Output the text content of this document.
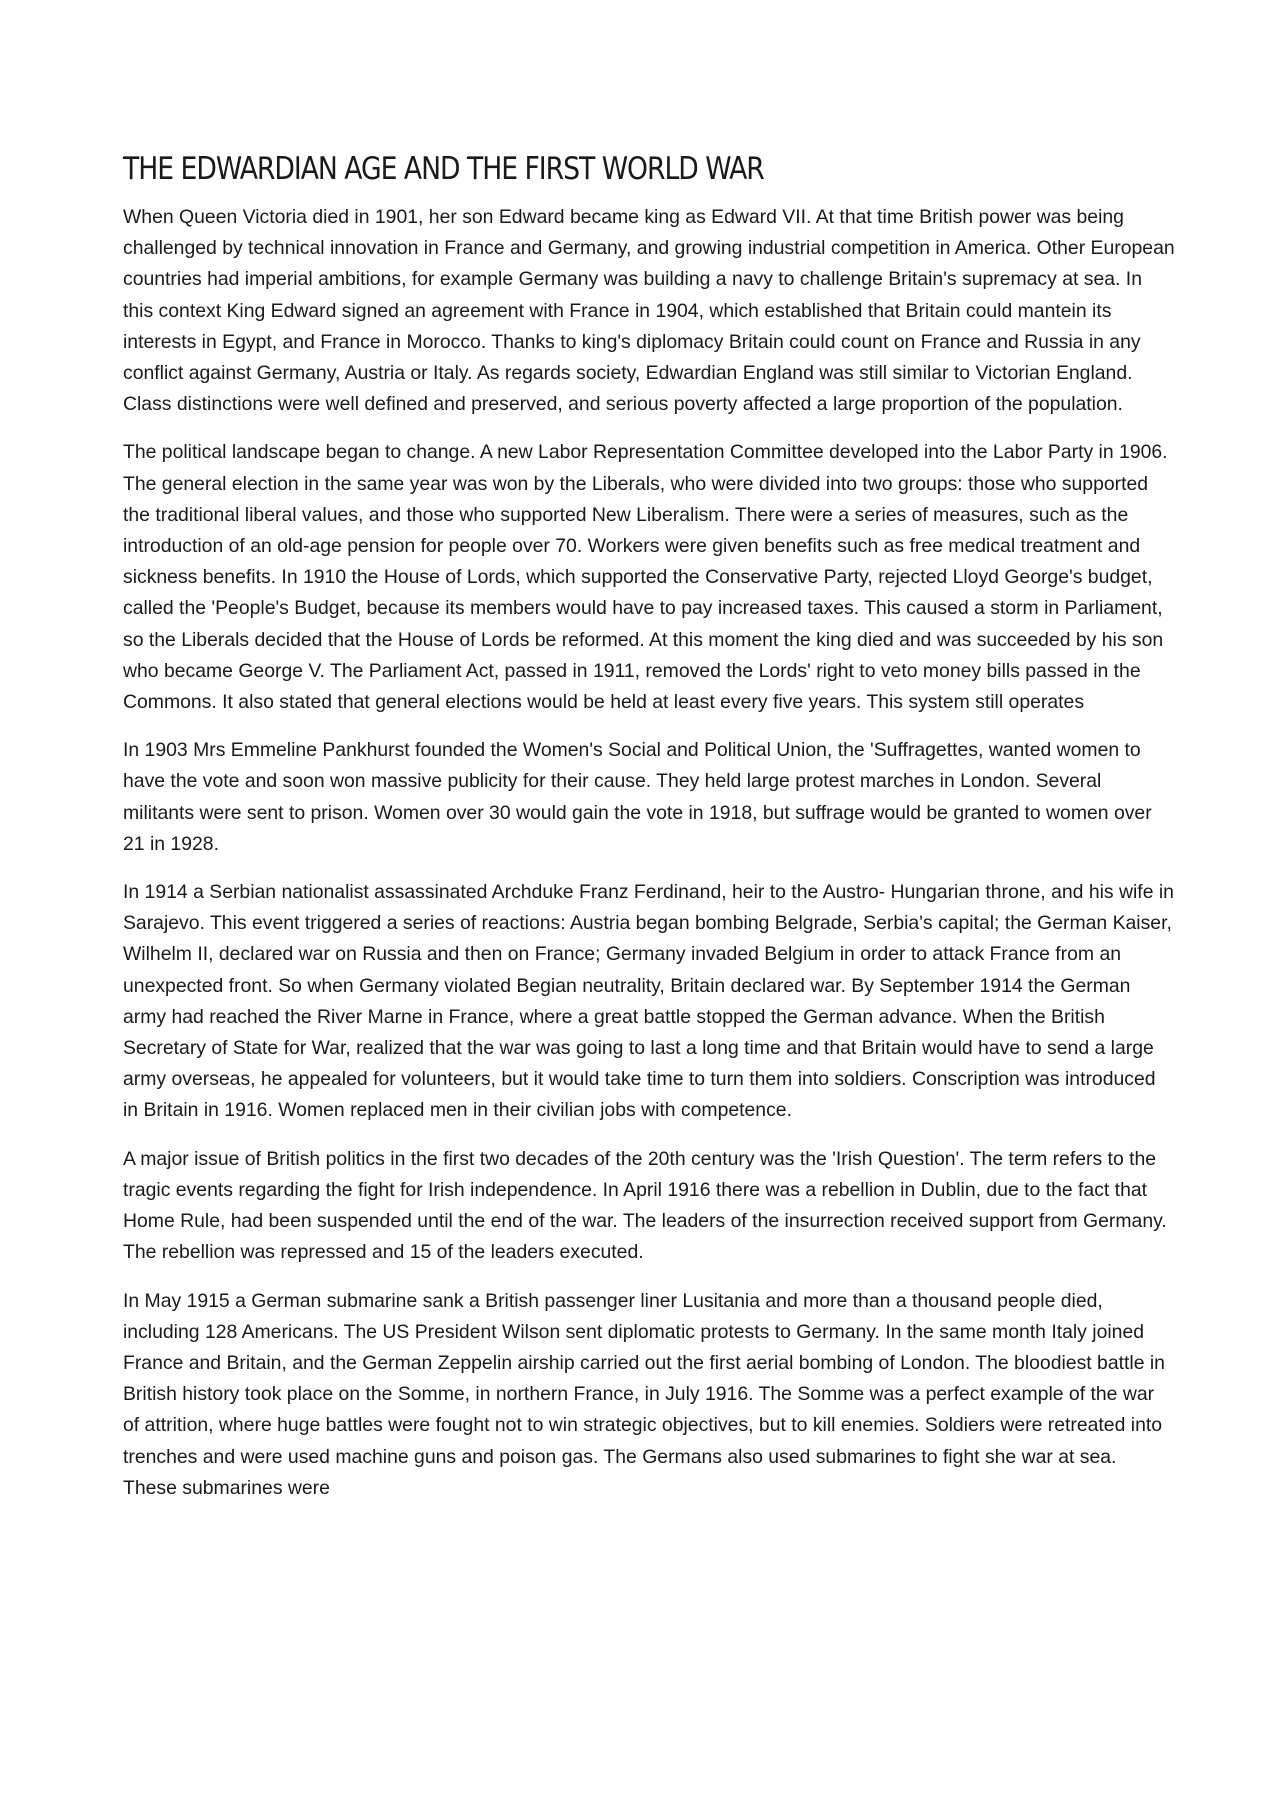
THE EDWARDIAN AGE AND THE FIRST WORLD WAR

When Queen Victoria died in 1901, her son Edward became king as Edward VII. At that time British power was being challenged by technical innovation in France and Germany, and growing industrial competition in America. Other European countries had imperial ambitions, for example Germany was building a navy to challenge Britain's supremacy at sea. In this context King Edward signed an agreement with France in 1904, which established that Britain could mantein its interests in Egypt, and France in Morocco. Thanks to king's diplomacy Britain could count on France and Russia in any conflict against Germany, Austria or Italy. As regards society, Edwardian England was still similar to Victorian England. Class distinctions were well defined and preserved, and serious poverty affected a large proportion of the population.

The political landscape began to change. A new Labor Representation Committee developed into the Labor Party in 1906. The general election in the same year was won by the Liberals, who were divided into two groups: those who supported the traditional liberal values, and those who supported New Liberalism. There were a series of measures, such as the introduction of an old-age pension for people over 70. Workers were given benefits such as free medical treatment and sickness benefits. In 1910 the House of Lords, which supported the Conservative Party, rejected Lloyd George's budget, called the 'People's Budget, because its members would have to pay increased taxes. This caused a storm in Parliament, so the Liberals decided that the House of Lords be reformed. At this moment the king died and was succeeded by his son who became George V. The Parliament Act, passed in 1911, removed the Lords' right to veto money bills passed in the Commons. It also stated that general elections would be held at least every five years. This system still operates

In 1903 Mrs Emmeline Pankhurst founded the Women's Social and Political Union, the 'Suffragettes, wanted women to have the vote and soon won massive publicity for their cause. They held large protest marches in London. Several militants were sent to prison. Women over 30 would gain the vote in 1918, but suffrage would be granted to women over 21 in 1928.

In 1914 a Serbian nationalist assassinated Archduke Franz Ferdinand, heir to the Austro- Hungarian throne, and his wife in Sarajevo. This event triggered a series of reactions: Austria began bombing Belgrade, Serbia's capital; the German Kaiser, Wilhelm II, declared war on Russia and then on France; Germany invaded Belgium in order to attack France from an unexpected front. So when Germany violated Begian neutrality, Britain declared war. By September 1914 the German army had reached the River Marne in France, where a great battle stopped the German advance. When the British Secretary of State for War, realized that the war was going to last a long time and that Britain would have to send a large army overseas, he appealed for volunteers, but it would take time to turn them into soldiers. Conscription was introduced in Britain in 1916. Women replaced men in their civilian jobs with competence.

A major issue of British politics in the first two decades of the 20th century was the 'Irish Question'. The term refers to the tragic events regarding the fight for Irish independence. In April 1916 there was a rebellion in Dublin, due to the fact that Home Rule, had been suspended until the end of the war. The leaders of the insurrection received support from Germany. The rebellion was repressed and 15 of the leaders executed.

In May 1915 a German submarine sank a British passenger liner Lusitania and more than a thousand people died, including 128 Americans. The US President Wilson sent diplomatic protests to Germany. In the same month Italy joined France and Britain, and the German Zeppelin airship carried out the first aerial bombing of London. The bloodiest battle in British history took place on the Somme, in northern France, in July 1916. The Somme was a perfect example of the war of attrition, where huge battles were fought not to win strategic objectives, but to kill enemies. Soldiers were retreated into trenches and were used machine guns and poison gas. The Germans also used submarines to fight she war at sea. These submarines were
